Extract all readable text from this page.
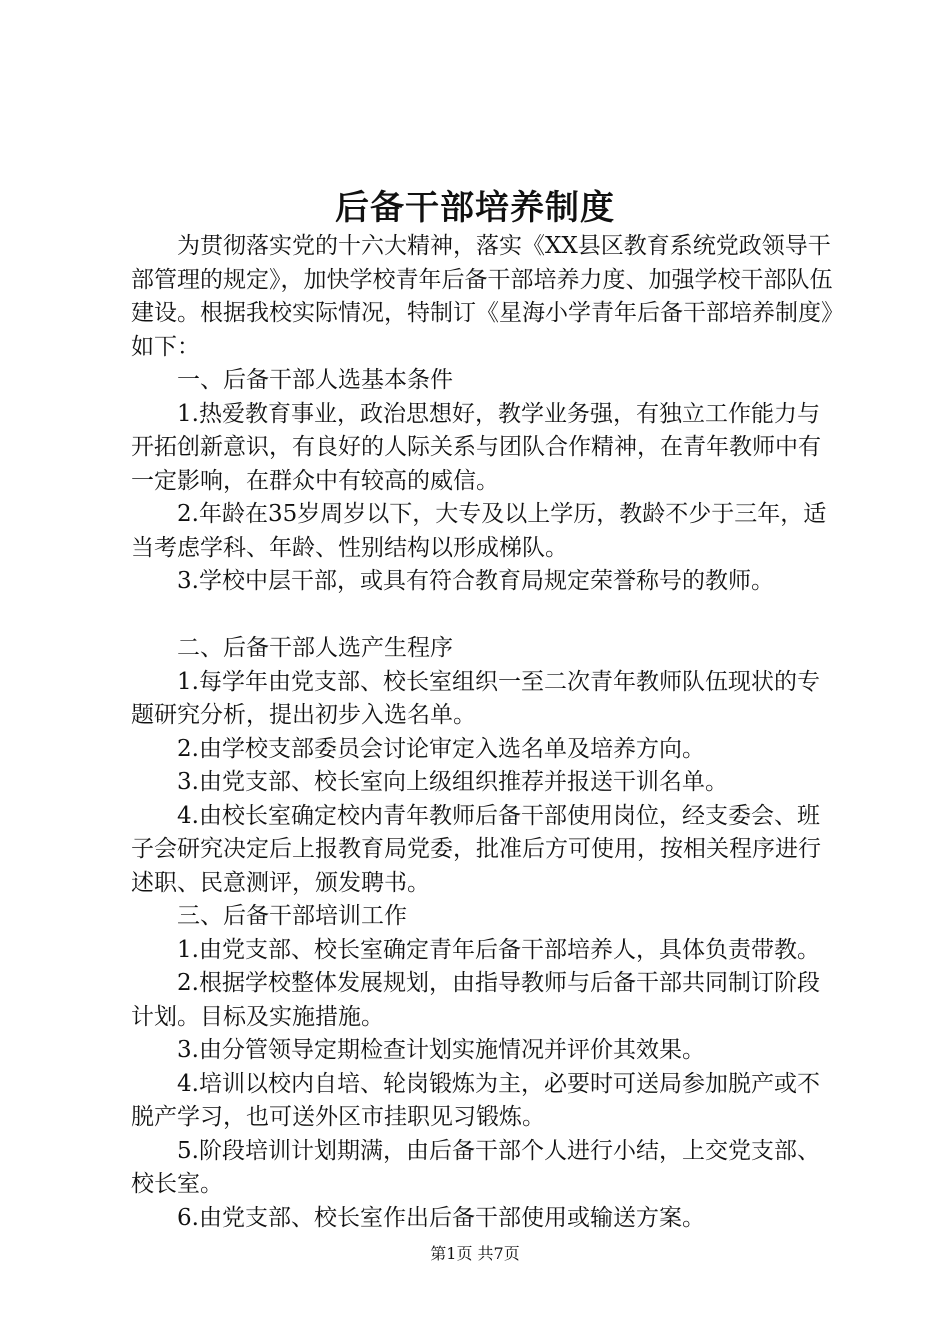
后备干部培养制度

为贯彻落实党的十六大精神，落实《XX县区教育系统党政领导干部管理的规定》，加快学校青年后备干部培养力度、加强学校干部队伍建设。根据我校实际情况，特制订《星海小学青年后备干部培养制度》如下：

一、后备干部人选基本条件

1.热爱教育事业，政治思想好，教学业务强，有独立工作能力与开拓创新意识，有良好的人际关系与团队合作精神，在青年教师中有一定影响，在群众中有较高的威信。

2.年龄在35岁周岁以下，大专及以上学历，教龄不少于三年，适当考虑学科、年龄、性别结构以形成梯队。

3.学校中层干部，或具有符合教育局规定荣誉称号的教师。

二、后备干部人选产生程序

1.每学年由党支部、校长室组织一至二次青年教师队伍现状的专题研究分析，提出初步入选名单。

2.由学校支部委员会讨论审定入选名单及培养方向。

3.由党支部、校长室向上级组织推荐并报送干训名单。

4.由校长室确定校内青年教师后备干部使用岗位，经支委会、班子会研究决定后上报教育局党委，批准后方可使用，按相关程序进行述职、民意测评，颁发聘书。

三、后备干部培训工作

1.由党支部、校长室确定青年后备干部培养人，具体负责带教。

2.根据学校整体发展规划，由指导教师与后备干部共同制订阶段计划。目标及实施措施。

3.由分管领导定期检查计划实施情况并评价其效果。

4.培训以校内自培、轮岗锻炼为主，必要时可送局参加脱产或不脱产学习，也可送外区市挂职见习锻炼。

5.阶段培训计划期满，由后备干部个人进行小结，上交党支部、校长室。

6.由党支部、校长室作出后备干部使用或输送方案。

第1页 共7页
